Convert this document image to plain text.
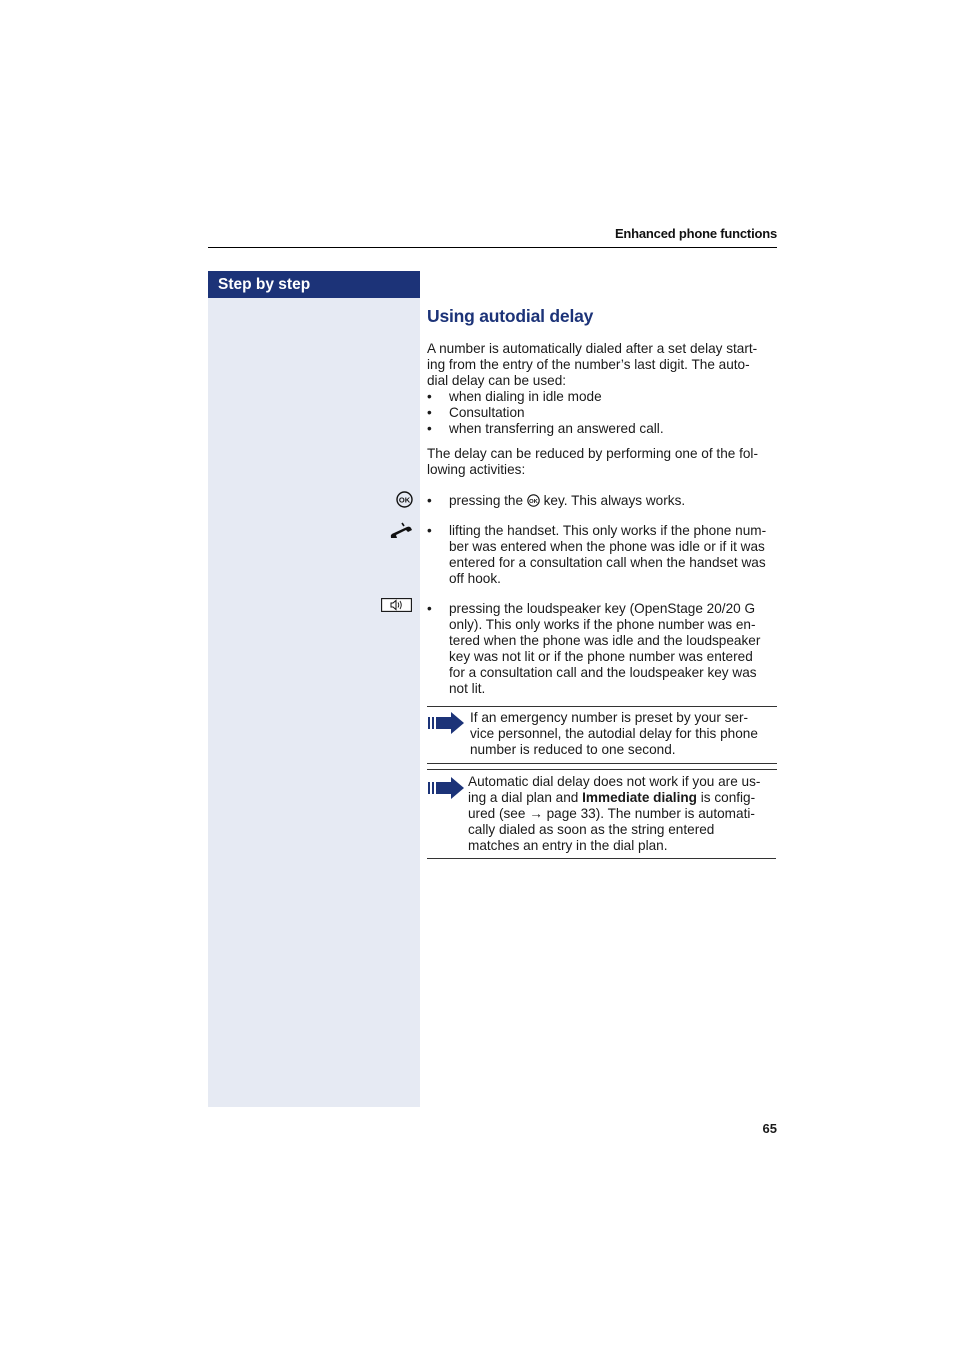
Enhanced phone functions
Step by step
Using autodial delay

A number is automatically dialed after a set delay start-

ing from the entry of the number’s last digit. The auto-

dial delay can be used:

• when dialing in idle mode
• Consultation
• when transferring an answered call.

The delay can be reduced by performing one of the fol-

lowing activities:

OK • pressing the OK key. This always works.
• lifting the handset. This only works if the phone num-
ber was entered when the phone was idle or if it was
entered for a consultation call when the handset was
off hook.
• pressing the loudspeaker key (OpenStage 20/20 G
only). This only works if the phone number was en-
tered when the phone was idle and the loudspeaker
key was not lit or if the phone number was entered
for a consultation call and the loudspeaker key was
not lit.
If an emergency number is preset by your ser-
vice personnel, the autodial delay for this phone
number is reduced to one second.
Automatic dial delay does not work if you are us-
ing a dial plan and Immediate dialing is config-
ured (see → page 33). The number is automati-
cally dialed as soon as the string entered
matches an entry in the dial plan.
65
